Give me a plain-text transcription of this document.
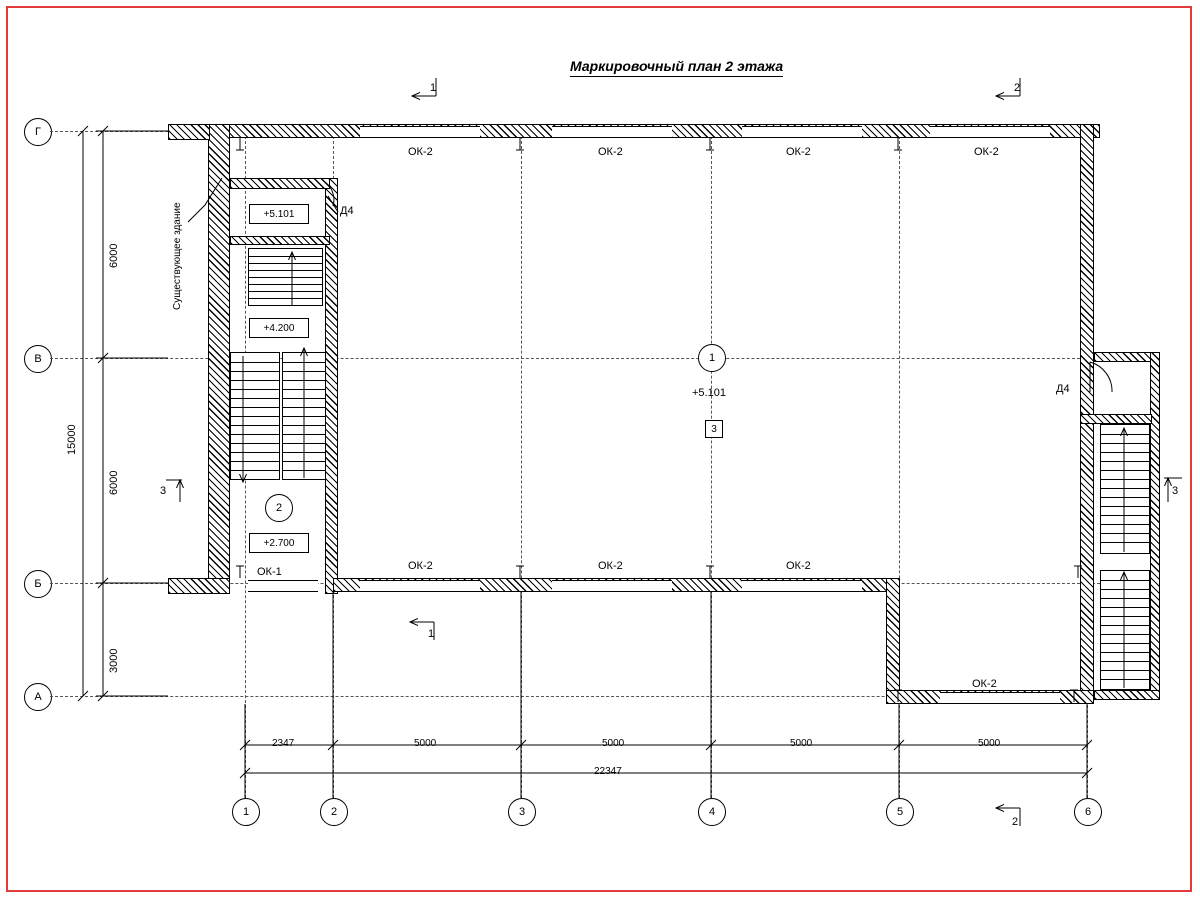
Маркировочный план 2 этажа
Г
В
Б
А
1	2	3	4	5	6
ОК-2	ОК-2	ОК-2	ОК-2
ОК-1	ОК-2	ОК-2	ОК-2
ОК-2
+5.101
+4.200
+2.700
+5.101
1
2
3
Д4
Д4
Существующее здание
6000
6000
3000
15000
2347	5000	5000	5000	5000
22347
1	2
1
2
3	3
